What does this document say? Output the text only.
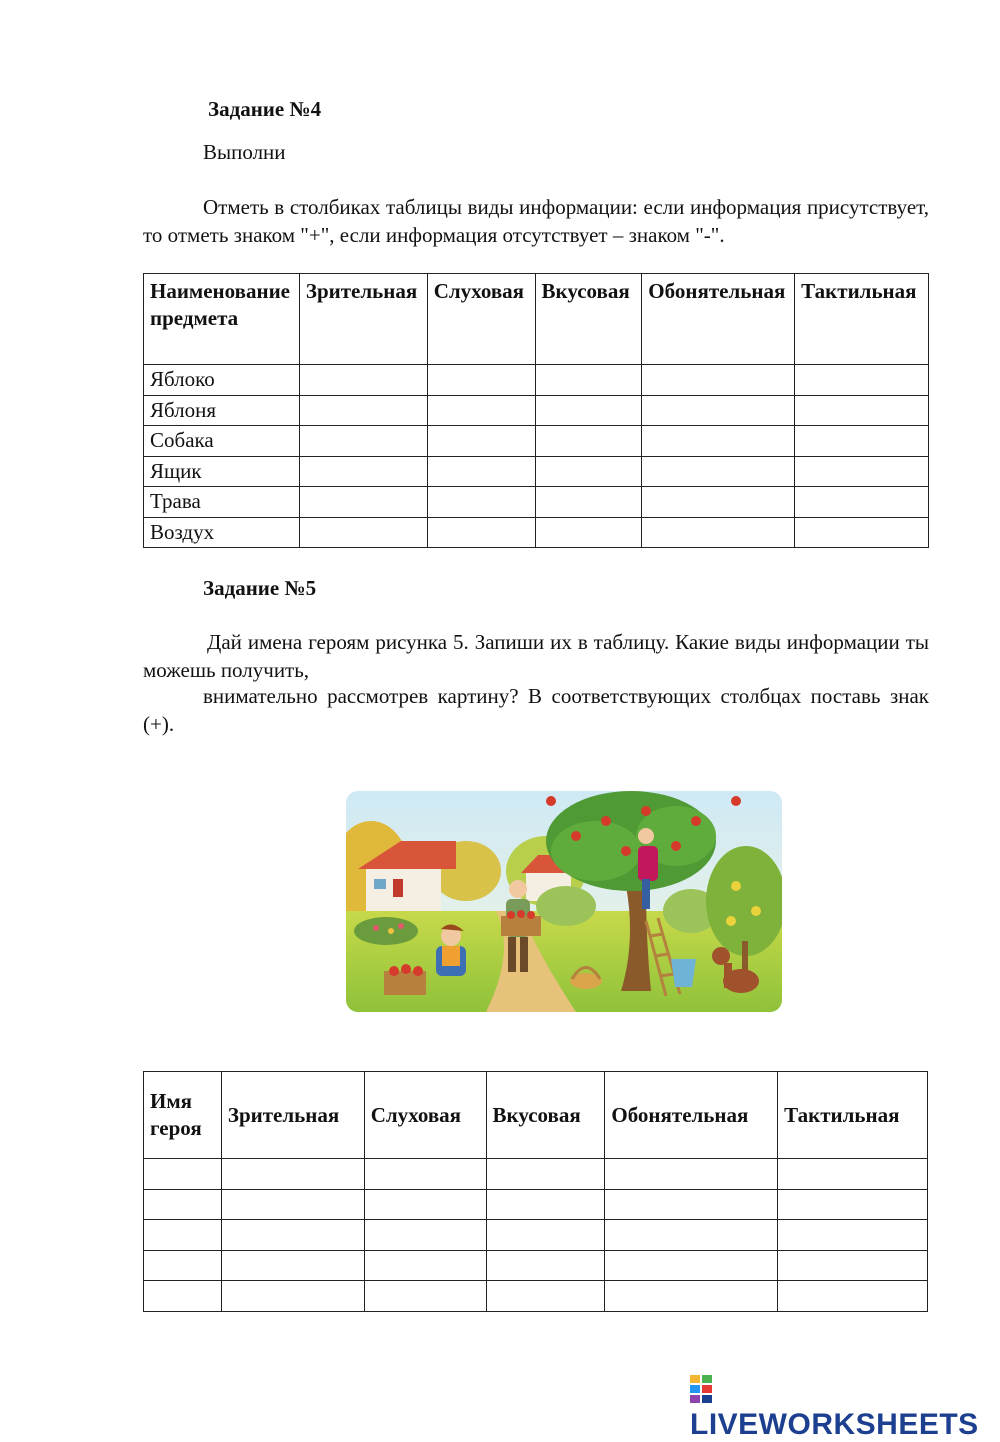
Задание №4
Выполни
Отметь в столбиках таблицы виды информации: если информация присутствует, то отметь знаком "+", если информация отсутствует – знаком "-".
Наименование предмета	Зрительная	Слуховая	Вкусовая	Обонятельная	Тактильная
Яблоко					
Яблоня					
Собака					
Ящик					
Трава					
Воздух					
Задание №5
Дай имена героям рисунка 5. Запиши их в таблицу. Какие виды информации ты можешь получить,
внимательно рассмотрев картину? В соответствующих столбцах поставь знак (+).
Имя героя	Зрительная	Слуховая	Вкусовая	Обонятельная	Тактильная

LIVEWORKSHEETS
